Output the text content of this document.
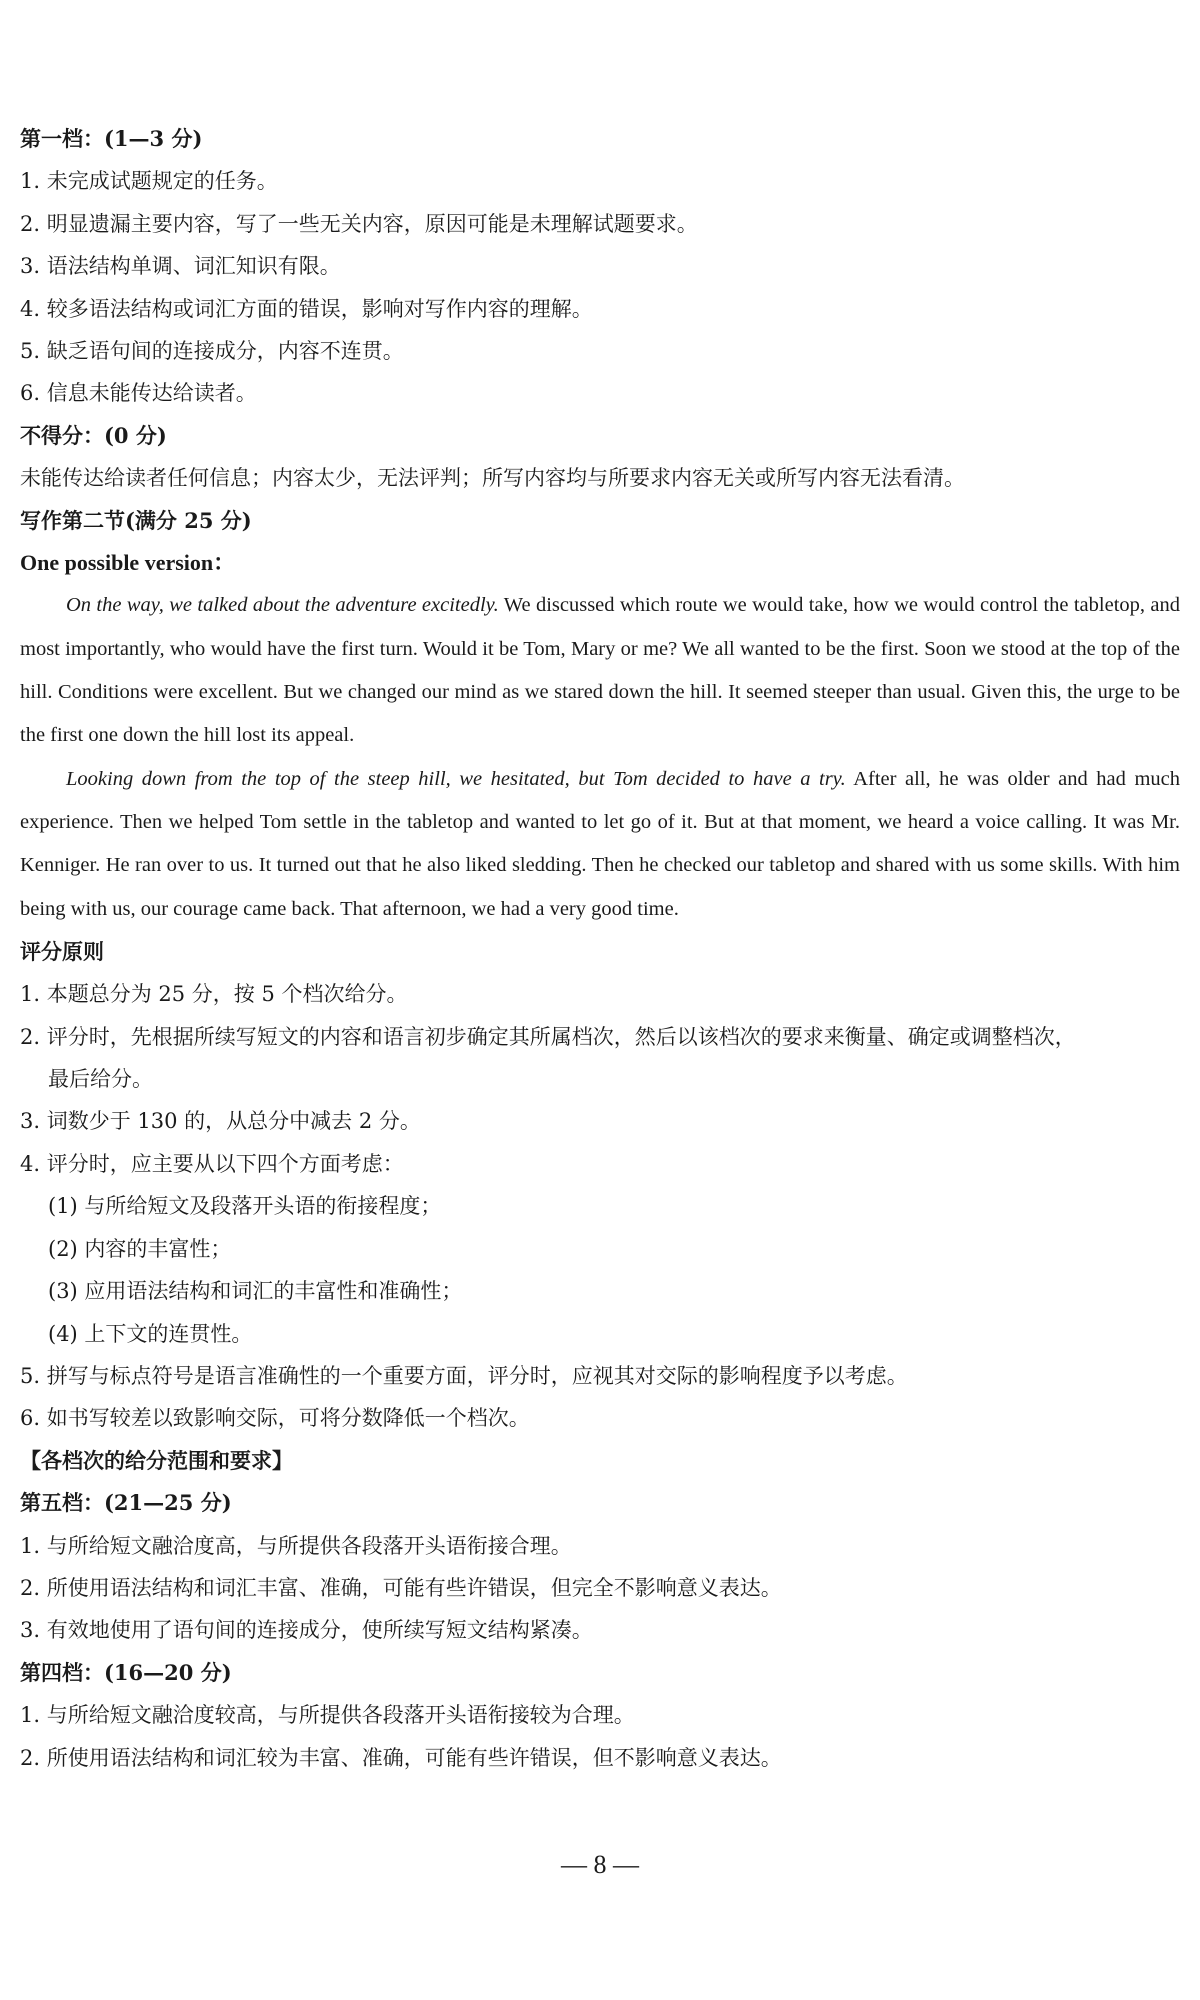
第一档：(1—3 分)

1. 未完成试题规定的任务。

2. 明显遗漏主要内容，写了一些无关内容，原因可能是未理解试题要求。

3. 语法结构单调、词汇知识有限。

4. 较多语法结构或词汇方面的错误，影响对写作内容的理解。

5. 缺乏语句间的连接成分，内容不连贯。

6. 信息未能传达给读者。

不得分：(0 分)

未能传达给读者任何信息；内容太少，无法评判；所写内容均与所要求内容无关或所写内容无法看清。

写作第二节(满分 25 分)

One possible version：

On the way, we talked about the adventure excitedly. We discussed which route we would take, how we would control the tabletop, and most importantly, who would have the first turn. Would it be Tom, Mary or me? We all wanted to be the first. Soon we stood at the top of the hill. Conditions were excellent. But we changed our mind as we stared down the hill. It seemed steeper than usual. Given this, the urge to be the first one down the hill lost its appeal.
Looking down from the top of the steep hill, we hesitated, but Tom decided to have a try. After all, he was older and had much experience. Then we helped Tom settle in the tabletop and wanted to let go of it. But at that moment, we heard a voice calling. It was Mr. Kenniger. He ran over to us. It turned out that he also liked sledding. Then he checked our tabletop and shared with us some skills. With him being with us, our courage came back. That afternoon, we had a very good time.

评分原则

1. 本题总分为 25 分，按 5 个档次给分。

2. 评分时，先根据所续写短文的内容和语言初步确定其所属档次，然后以该档次的要求来衡量、确定或调整档次，

最后给分。

3. 词数少于 130 的，从总分中减去 2 分。

4. 评分时，应主要从以下四个方面考虑：

(1) 与所给短文及段落开头语的衔接程度；

(2) 内容的丰富性；

(3) 应用语法结构和词汇的丰富性和准确性；

(4) 上下文的连贯性。

5. 拼写与标点符号是语言准确性的一个重要方面，评分时，应视其对交际的影响程度予以考虑。

6. 如书写较差以致影响交际，可将分数降低一个档次。

【各档次的给分范围和要求】

第五档：(21—25 分)

1. 与所给短文融洽度高，与所提供各段落开头语衔接合理。

2. 所使用语法结构和词汇丰富、准确，可能有些许错误，但完全不影响意义表达。

3. 有效地使用了语句间的连接成分，使所续写短文结构紧凑。

第四档：(16—20 分)

1. 与所给短文融洽度较高，与所提供各段落开头语衔接较为合理。

2. 所使用语法结构和词汇较为丰富、准确，可能有些许错误，但不影响意义表达。

— 8 —
